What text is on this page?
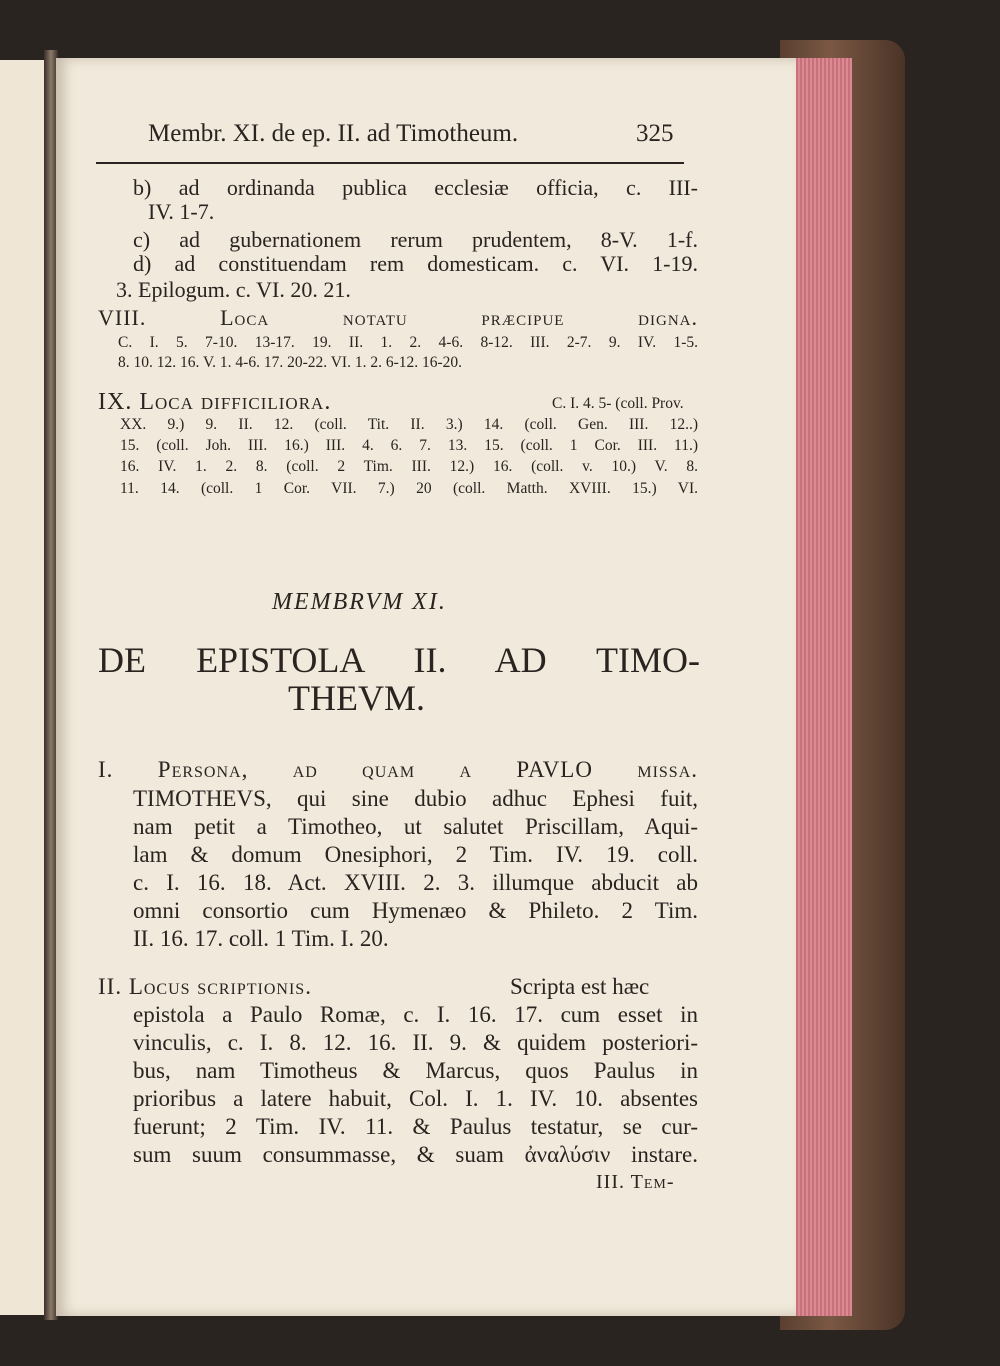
Membr. XI. de ep. II. ad Timotheum.	325
b) ad ordinanda publica ecclesiæ officia, c. III-
IV. 1-7.
c) ad gubernationem rerum prudentem, 8-V. 1-f.
d) ad constituendam rem domesticam. c. VI. 1-19.
3. Epilogum. c. VI. 20. 21.
VIII. Loca notatu præcipue digna.
C. I. 5. 7-10. 13-17. 19. II. 1. 2. 4-6. 8-12. III. 2-7. 9. IV. 1-5.
8. 10. 12. 16. V. 1. 4-6. 17. 20-22. VI. 1. 2. 6-12. 16-20.
IX. Loca difficiliora.	C. I. 4. 5- (coll. Prov.
XX. 9.) 9. II. 12. (coll. Tit. II. 3.) 14. (coll. Gen. III. 12..)
15. (coll. Joh. III. 16.) III. 4. 6. 7. 13. 15. (coll. 1 Cor. III. 11.)
16. IV. 1. 2. 8. (coll. 2 Tim. III. 12.) 16. (coll. v. 10.) V. 8.
11. 14. (coll. 1 Cor. VII. 7.) 20 (coll. Matth. XVIII. 15.) VI.
MEMBRVM XI.
DE EPISTOLA II. AD TIMO-
THEVM.
I. Persona, ad quam a PAVLO missa.
TIMOTHEVS, qui sine dubio adhuc Ephesi fuit,
nam petit a Timotheo, ut salutet Priscillam, Aqui-
lam & domum Onesiphori, 2 Tim. IV. 19. coll.
c. I. 16. 18. Act. XVIII. 2. 3. illumque abducit ab
omni consortio cum Hymenæo & Phileto. 2 Tim.
II. 16. 17. coll. 1 Tim. I. 20.
II. Locus scriptionis.	Scripta est hæc
epistola a Paulo Romæ, c. I. 16. 17. cum esset in
vinculis, c. I. 8. 12. 16. II. 9. & quidem posteriori-
bus, nam Timotheus & Marcus, quos Paulus in
prioribus a latere habuit, Col. I. 1. IV. 10. absentes
fuerunt; 2 Tim. IV. 11. & Paulus testatur, se cur-
sum suum consummasse, & suam ἀναλύσιν instare.
III. Tem-
